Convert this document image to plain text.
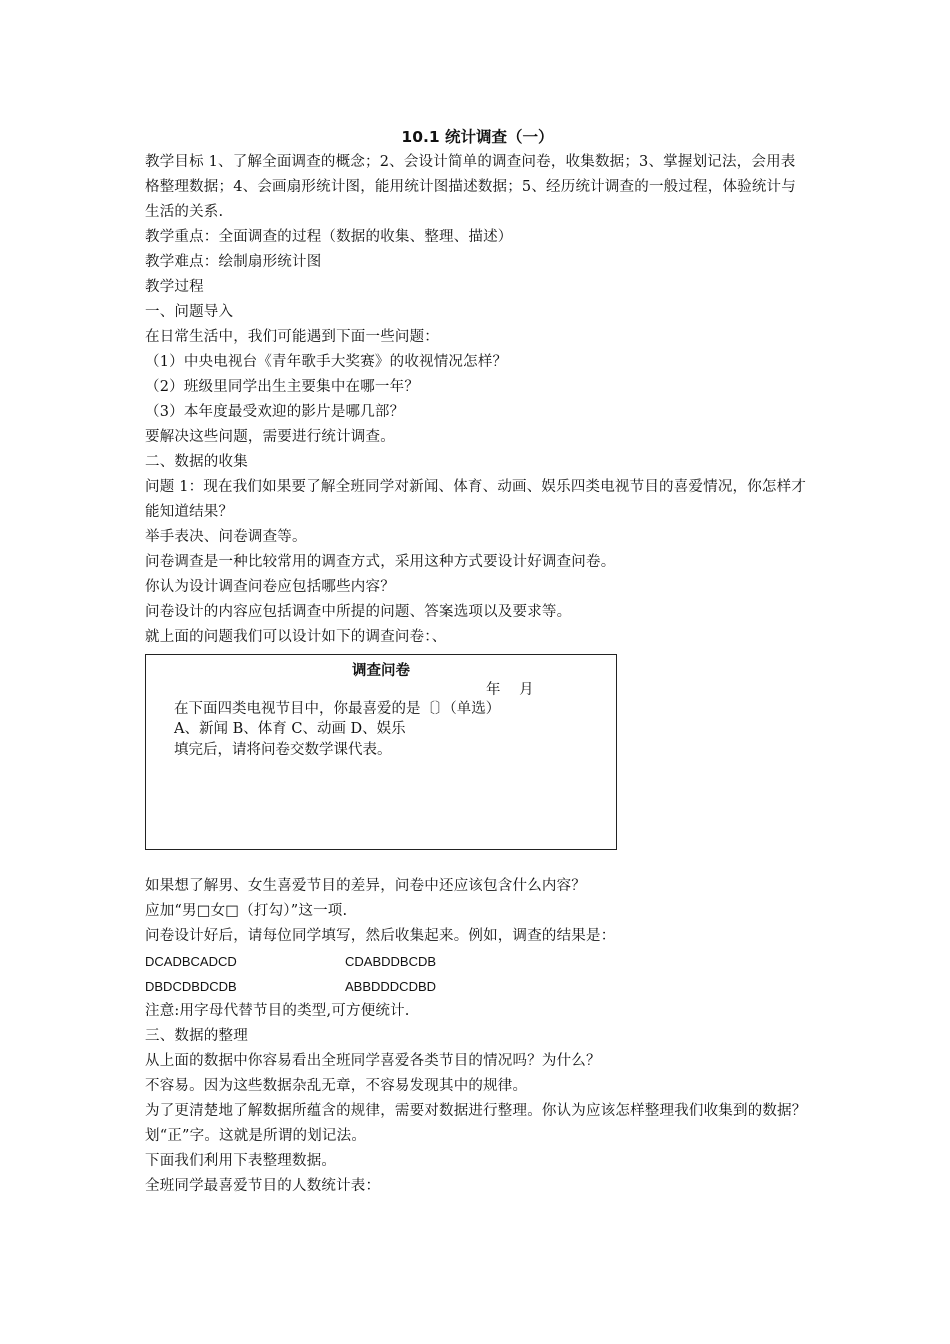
10.1 统计调查（一）

教学目标 1、了解全面调查的概念；2、会设计简单的调查问卷，收集数据；3、掌握划记法，会用表格整理数据；4、会画扇形统计图，能用统计图描述数据；5、经历统计调查的一般过程，体验统计与生活的关系.

教学重点：全面调查的过程（数据的收集、整理、描述）

教学难点：绘制扇形统计图

教学过程

一、问题导入

在日常生活中，我们可能遇到下面一些问题：

（1）中央电视台《青年歌手大奖赛》的收视情况怎样？

（2）班级里同学出生主要集中在哪一年？

（3）本年度最受欢迎的影片是哪几部？

要解决这些问题，需要进行统计调查。

二、数据的收集

问题 1：现在我们如果要了解全班同学对新闻、体育、动画、娱乐四类电视节目的喜爱情况，你怎样才能知道结果？

举手表决、问卷调查等。

问卷调查是一种比较常用的调查方式，采用这种方式要设计好调查问卷。

你认为设计调查问卷应包括哪些内容？

问卷设计的内容应包括调查中所提的问题、答案选项以及要求等。

就上面的问题我们可以设计如下的调查问卷：、

调查问卷
年 月
在下面四类电视节目中，你最喜爱的是〔〕（单选）
A、新闻 B、体育 C、动画 D、娱乐
填完后，请将问卷交数学课代表。

如果想了解男、女生喜爱节目的差异，问卷中还应该包含什么内容？

应加“男□女□（打勾）”这一项.

问卷设计好后，请每位同学填写，然后收集起来。例如，调查的结果是：

DCADBCADCD	CDABDDBCDB
DBDCDBDCDB	ABBDDDCDBD

注意:用字母代替节目的类型,可方便统计.

三、数据的整理

从上面的数据中你容易看出全班同学喜爱各类节目的情况吗？为什么？

不容易。因为这些数据杂乱无章，不容易发现其中的规律。

为了更清楚地了解数据所蕴含的规律，需要对数据进行整理。你认为应该怎样整理我们收集到的数据？

划“正”字。这就是所谓的划记法。

下面我们利用下表整理数据。

全班同学最喜爱节目的人数统计表：
